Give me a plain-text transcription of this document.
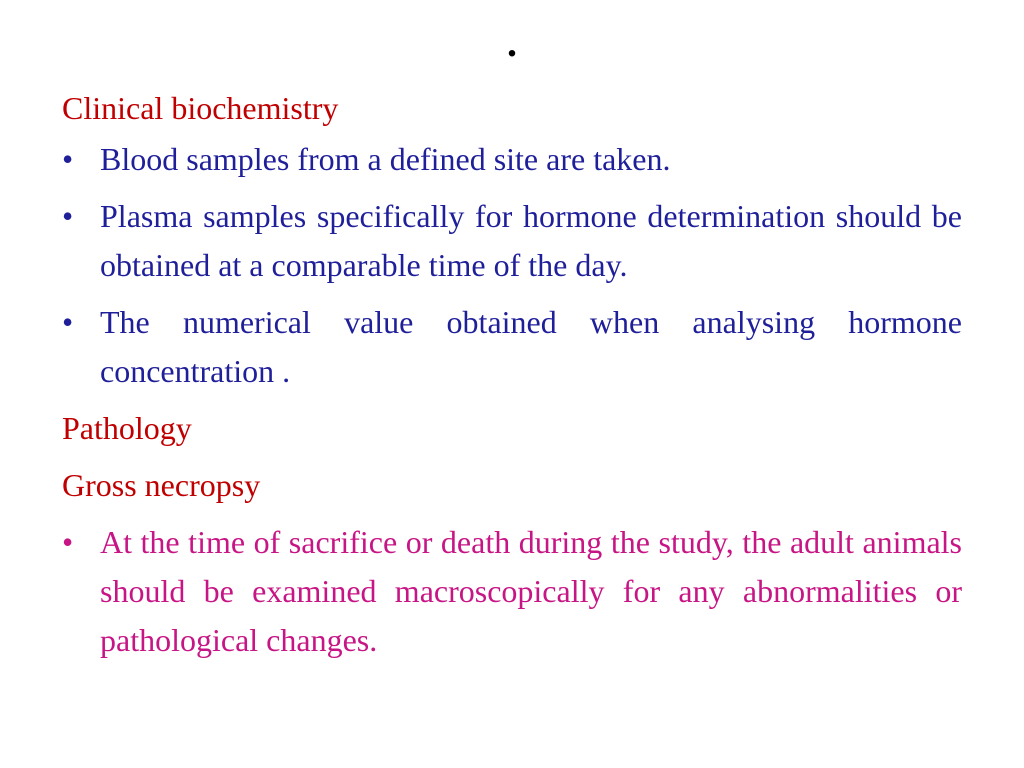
.
Clinical biochemistry
• Blood samples from a defined site are taken.
• Plasma samples specifically for hormone determination should be obtained at a comparable time of the day.
• The numerical value obtained when analysing hormone concentration .
Pathology
Gross necropsy
• At the time of sacrifice or death during the study, the adult animals should be examined macroscopically for any abnormalities or pathological changes.
